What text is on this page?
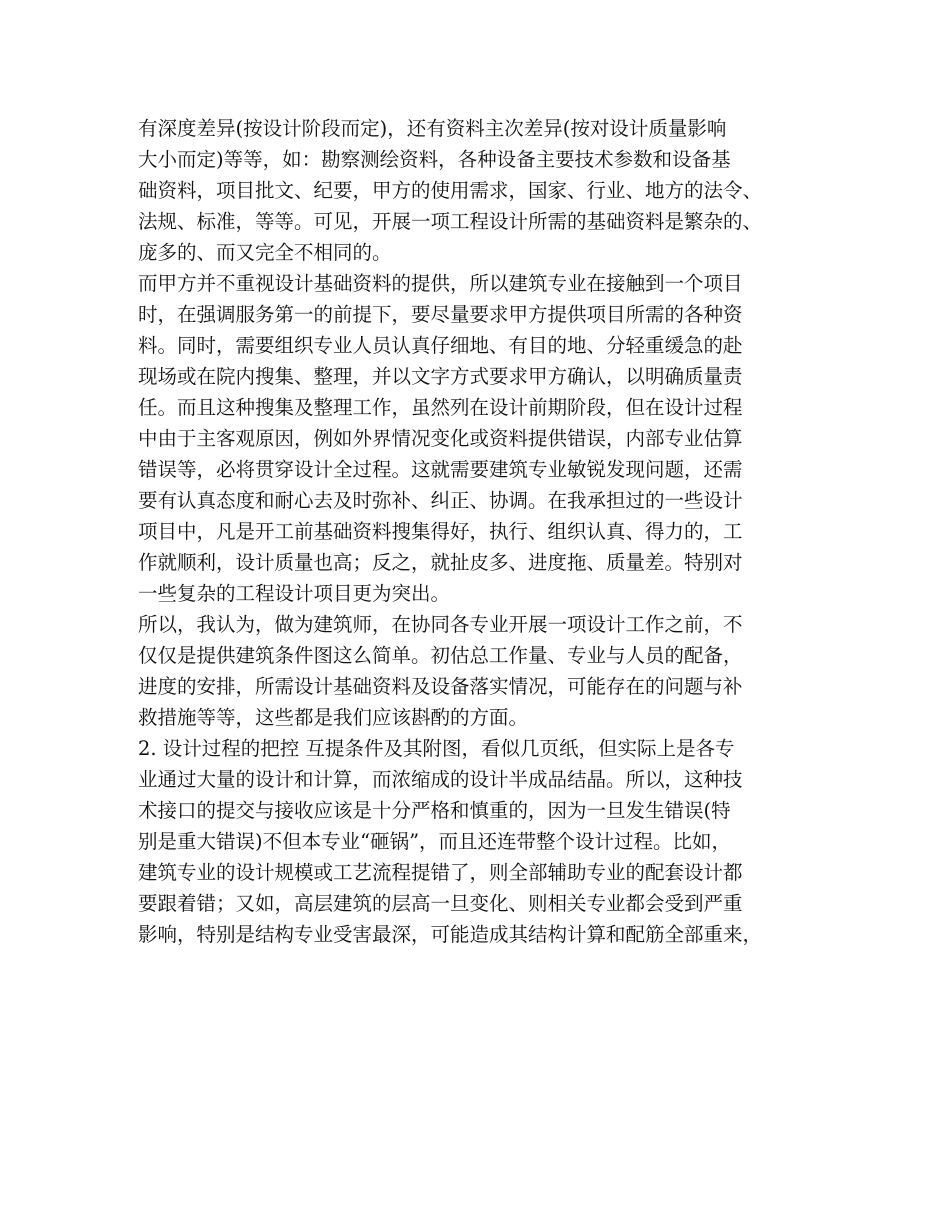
有深度差异(按设计阶段而定)，还有资料主次差异(按对设计质量影响
大小而定)等等，如：勘察测绘资料，各种设备主要技术参数和设备基
础资料，项目批文、纪要，甲方的使用需求，国家、行业、地方的法令、
法规、标准，等等。可见，开展一项工程设计所需的基础资料是繁杂的、
庞多的、而又完全不相同的。
而甲方并不重视设计基础资料的提供，所以建筑专业在接触到一个项目
时，在强调服务第一的前提下，要尽量要求甲方提供项目所需的各种资
料。同时，需要组织专业人员认真仔细地、有目的地、分轻重缓急的赴
现场或在院内搜集、整理，并以文字方式要求甲方确认，以明确质量责
任。而且这种搜集及整理工作，虽然列在设计前期阶段，但在设计过程
中由于主客观原因，例如外界情况变化或资料提供错误，内部专业估算
错误等，必将贯穿设计全过程。这就需要建筑专业敏锐发现问题，还需
要有认真态度和耐心去及时弥补、纠正、协调。在我承担过的一些设计
项目中，凡是开工前基础资料搜集得好，执行、组织认真、得力的，工
作就顺利，设计质量也高；反之，就扯皮多、进度拖、质量差。特别对
一些复杂的工程设计项目更为突出。
所以，我认为，做为建筑师，在协同各专业开展一项设计工作之前，不
仅仅是提供建筑条件图这么简单。初估总工作量、专业与人员的配备，
进度的安排，所需设计基础资料及设备落实情况，可能存在的问题与补
救措施等等，这些都是我们应该斟酌的方面。
2. 设计过程的把控 互提条件及其附图，看似几页纸，但实际上是各专
业通过大量的设计和计算，而浓缩成的设计半成品结晶。所以，这种技
术接口的提交与接收应该是十分严格和慎重的，因为一旦发生错误(特
别是重大错误)不但本专业“砸锅”，而且还连带整个设计过程。比如，
建筑专业的设计规模或工艺流程提错了，则全部辅助专业的配套设计都
要跟着错；又如，高层建筑的层高一旦变化、则相关专业都会受到严重
影响，特别是结构专业受害最深，可能造成其结构计算和配筋全部重来，
